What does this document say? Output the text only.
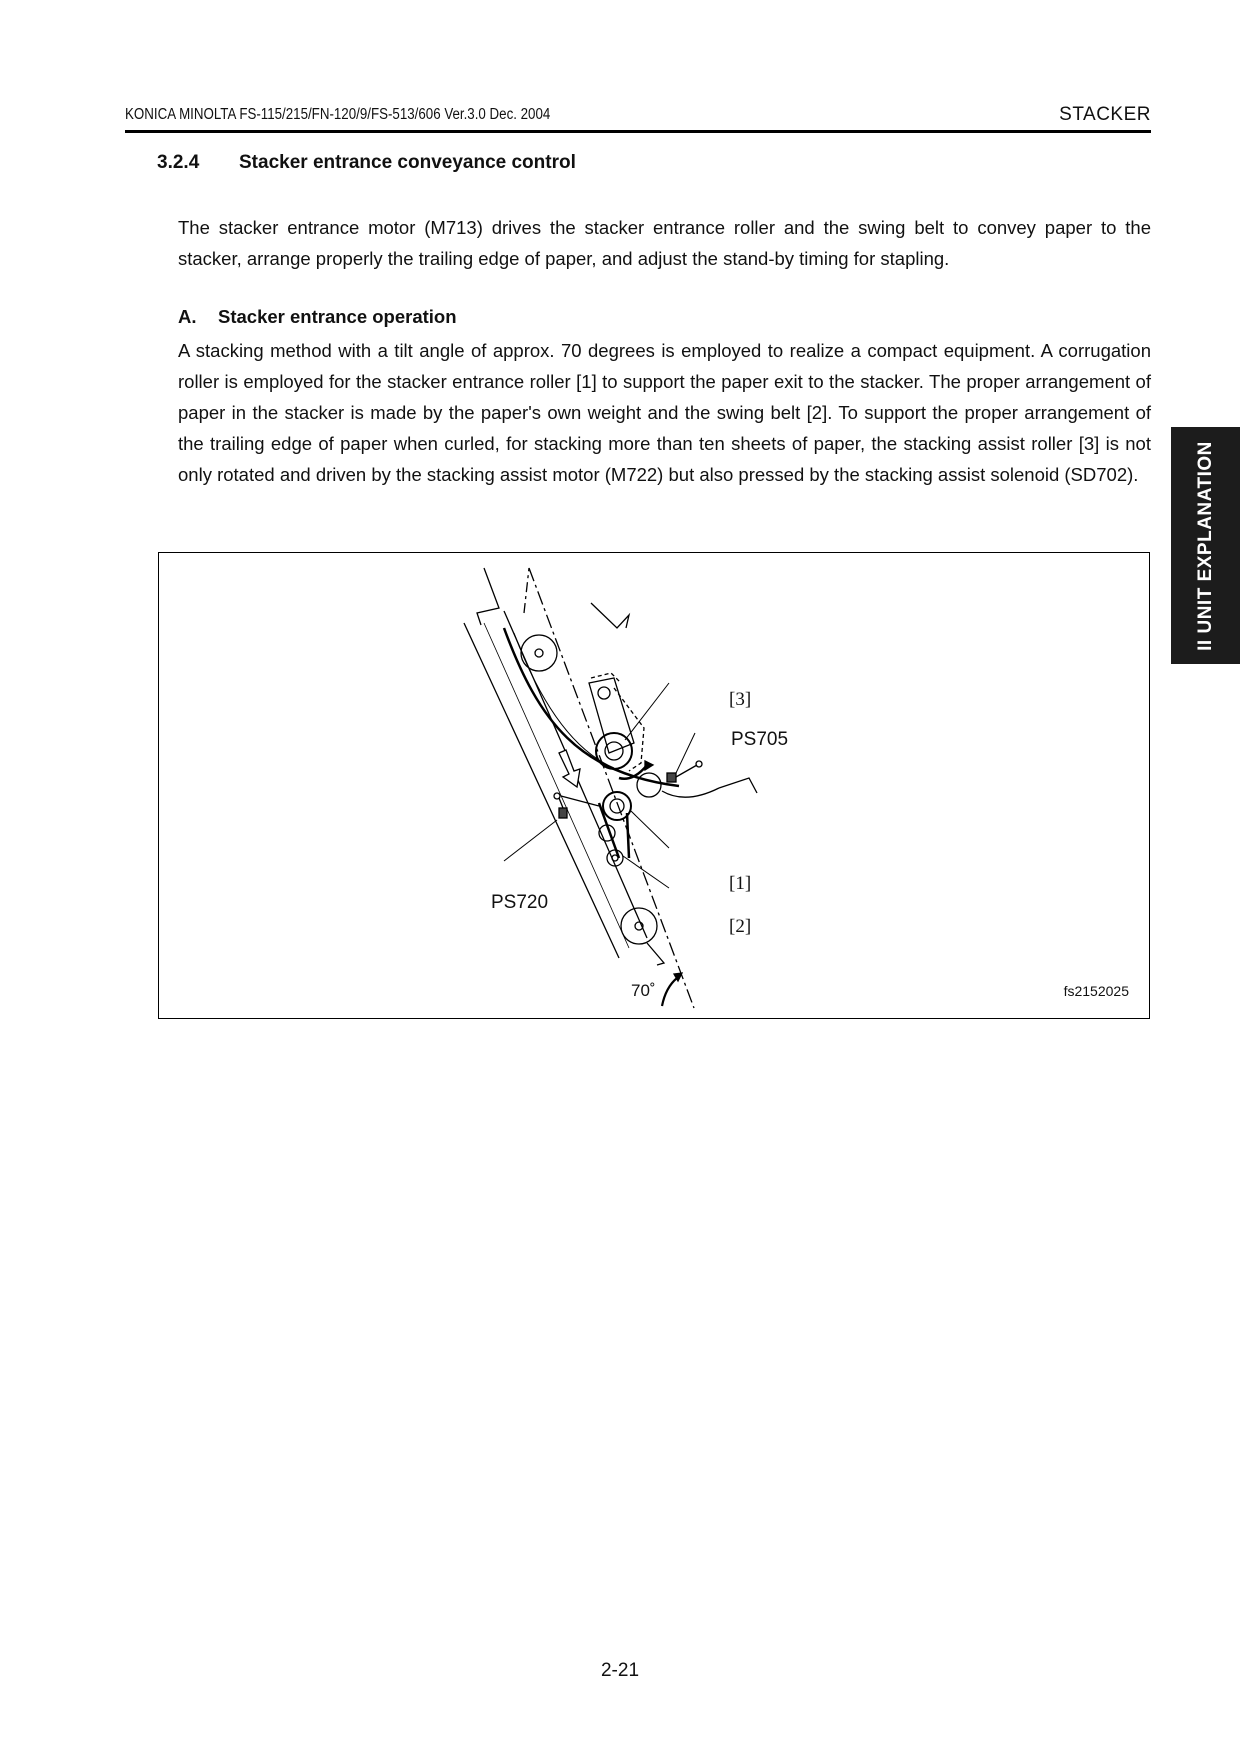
KONICA MINOLTA FS-115/215/FN-120/9/FS-513/606 Ver.3.0 Dec. 2004	STACKER
3.2.4 Stacker entrance conveyance control

The stacker entrance motor (M713) drives the stacker entrance roller and the swing belt to convey paper to the stacker, arrange properly the trailing edge of paper, and adjust the stand-by timing for stapling.

A. Stacker entrance operation

A stacking method with a tilt angle of approx. 70 degrees is employed to realize a compact equipment. A corrugation roller is employed for the stacker entrance roller [1] to support the paper exit to the stacker. The proper arrangement of paper in the stacker is made by the paper's own weight and the swing belt [2]. To support the proper arrangement of the trailing edge of paper when curled, for stacking more than ten sheets of paper, the stacking assist roller [3] is not only rotated and driven by the stacking assist motor (M722) but also pressed by the stacking assist solenoid (SD702).	II UNIT EXPLANATION
[3]
PS705
[1]
[2]
PS720
70˚	fs2152025
2-21
